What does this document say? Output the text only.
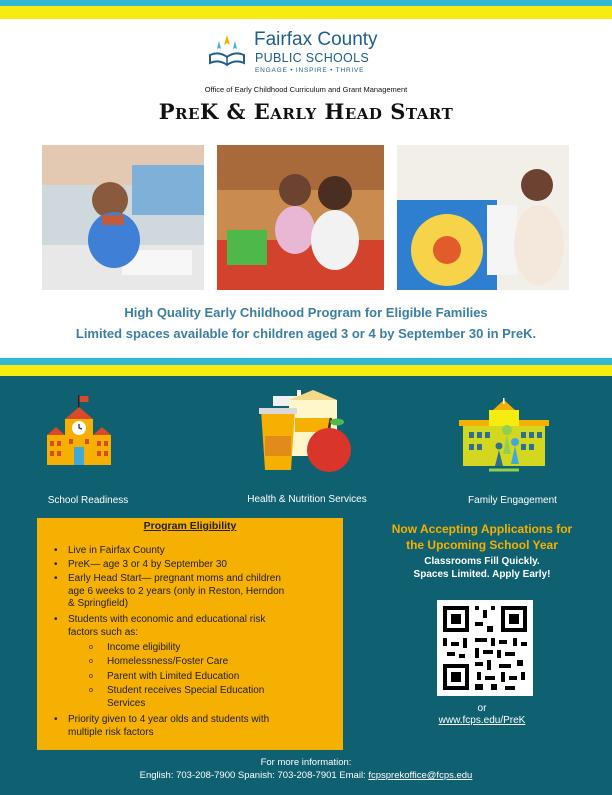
Fairfax County
PUBLIC SCHOOLS
ENGAGE • INSPIRE • THRIVE
Office of Early Childhood Curriculum and Grant Management
PreK & Early Head Start
High Quality Early Childhood Program for Eligible Families
Limited spaces available for children aged 3 or 4 by September 30 in PreK.
School Readiness	Health & Nutrition Services	Family Engagement
Program Eligibility
• Live in Fairfax County
• PreK— age 3 or 4 by September 30
• Early Head Start— pregnant moms and children
age 6 weeks to 2 years (only in Reston, Herndon
& Springfield)
• Students with economic and educational risk
factors such as:
o Income eligibility
o Homelessness/Foster Care
o Parent with Limited Education
o Student receives Special Education
Services
• Priority given to 4 year olds and students with
multiple risk factors
Now Accepting Applications for
the Upcoming School Year
Classrooms Fill Quickly.
Spaces Limited. Apply Early!
or
www.fcps.edu/PreK
For more information:
English: 703-208-7900 Spanish: 703-208-7901 Email: fcpsprekoffice@fcps.edu
